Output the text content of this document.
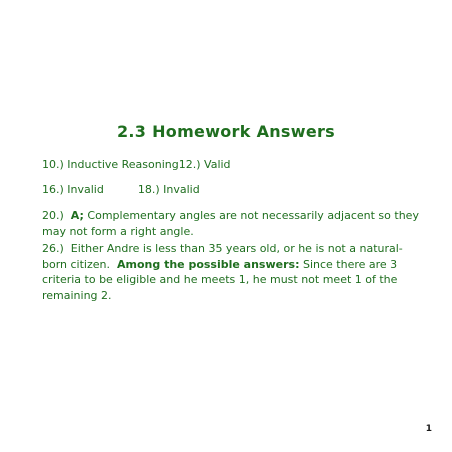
2.3 Homework Answers
10.) Inductive Reasoning12.) Valid
16.) Invalid	18.) Invalid
20.)  A; Complementary angles are not necessarily adjacent so they may not form a right angle.
26.)  Either Andre is less than 35 years old, or he is not a natural-born citizen.  Among the possible answers: Since there are 3 criteria to be eligible and he meets 1, he must not meet 1 of the remaining 2.
1
